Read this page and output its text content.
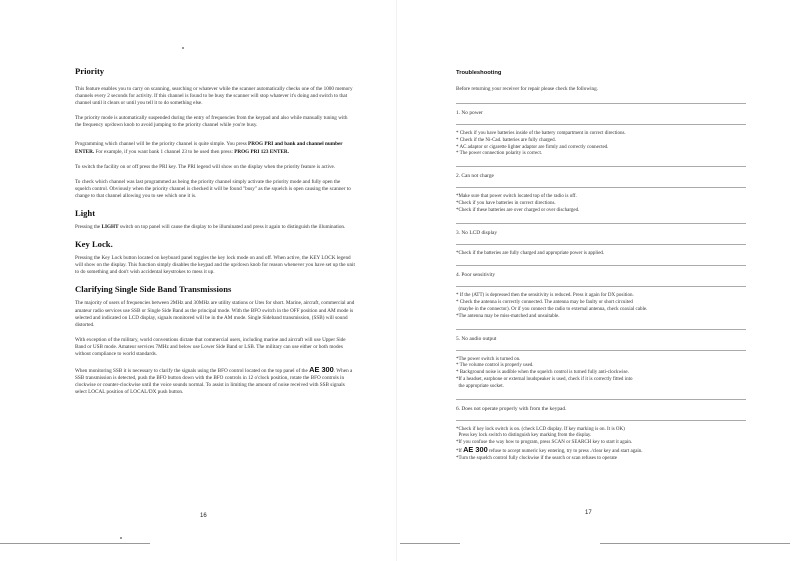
Priority

This feature enables you to carry on scanning, searching or whatever while the scanner automatically checks one of the 1000 memory channels every 2 seconds for activity. If this channel is found to be busy the scanner will stop whatever it's doing and switch to that channel until it clears or until you tell it to do something else.

The priority mode is automatically suspended during the entry of frequencies from the keypad and also while manually tuning with the frequency up/down knob to avoid jumping to the priority channel while you're busy.

Programming which channel will be the priority channel is quite simple. You press PROG PRI and bank and channel number ENTER. For example, if you want bank 1 channel 23 to be used then press: PROG PRI 123 ENTER.

To switch the facility on or off press the PRI key. The PRI legend will show on the display when the priority feature is active.

To check which channel was last programmed as being the priority channel simply activate the priority mode and fully open the squelch control. Obviously when the priority channel is checked it will be found "busy" as the squelch is open causing the scanner to change to that channel allowing you to see which one it is.

Light

Pressing the LIGHT switch on top panel will cause the display to be illuminated and press it again to distinguish the illumination.

Key Lock.

Pressing the Key Lock button located on keyboard panel toggles the key lock mode on and off. When active, the KEY LOCK legend will show on the display. This function simply disables the keypad and the up/down knob for reason whenever you have set up the unit to do something and don't wish accidental keystrokes to mess it up.

Clarifying Single Side Band Transmissions

The majority of users of frequencies between 2MHz and 30MHz are utility stations or Utes for short. Marine, aircraft, commercial and amateur radio services use SSB or Single Side Band as the principal mode. With the BFO switch in the OFF position and AM mode is selected and indicated on LCD display, signals monitored will be in the AM mode. Single Sideband transmission, (SSB) will sound distorted.

With exception of the military, world conventions dictate that commercial users, including marine and aircraft will use Upper Side Band or USB mode. Amateur services 7MHz and below use Lower Side Band or LSB. The military can use either or both modes without compliance to world standards.

When monitoring SSB it is necessary to clarify the signals using the BFO control located on the top panel of the AE 300. When a SSB transmission is detected, push the BFO button down with the BFO controls in 12 o'clock position, rotate the BFO controls in clockwise or counter-clockwise until the voice sounds normal. To assist in limiting the amount of noise received with SSB signals select LOCAL position of LOCAL/DX push button.

16
Troubleshooting

Before returning your receiver for repair please check the following.

1. No power
* Check if you have batteries inside of the battery compartment in correct directions.
* Check if the Ni-Cad. batteries are fully charged.
* AC adaptor or cigarette lighter adaptor are firmly and correctly connected.
* The power connection polarity is correct.
2. Can not charge
*Make sure that power switch located top of the radio is off.
*Check if you have batteries in correct directions.
*Check if these batteries are over charged or over discharged.
3. No LCD display
*Check if the batteries are fully charged and appropriate power is applied.
4. Poor sensitivity
* If the (ATT) is depressed then the sensitivity is reduced. Press it again for DX position.
* Check the antenna is correctly connected. The antenna may be faulty or short circuited
(maybe in the connector). Or if you connect the radio to external antenna, check coaxial cable.
*The antenna may be miss-matched and unsuitable.
5. No audio output
*The power switch is turned on.
* The volume control is properly used.
* Background noise is audible when the squelch control is turned fully anti-clockwise.
*If a headset, earphone or external loudspeaker is used, check if it is correctly fitted into
the appropriate socket.
6. Does not operate properly with from the keypad.
*Check if key lock switch is on. (check LCD display. If key marking is on. It is OK)
Press key lock switch to distinguish key marking from the display.
*If you confuse the way how to program, press SCAN or SEARCH key to start it again.
*If AE 300 refuse to accept numeric key entering, try to press ./clear key and start again.
*Turn the squelch control fully clockwise if the search or scan refuses to operate
17
